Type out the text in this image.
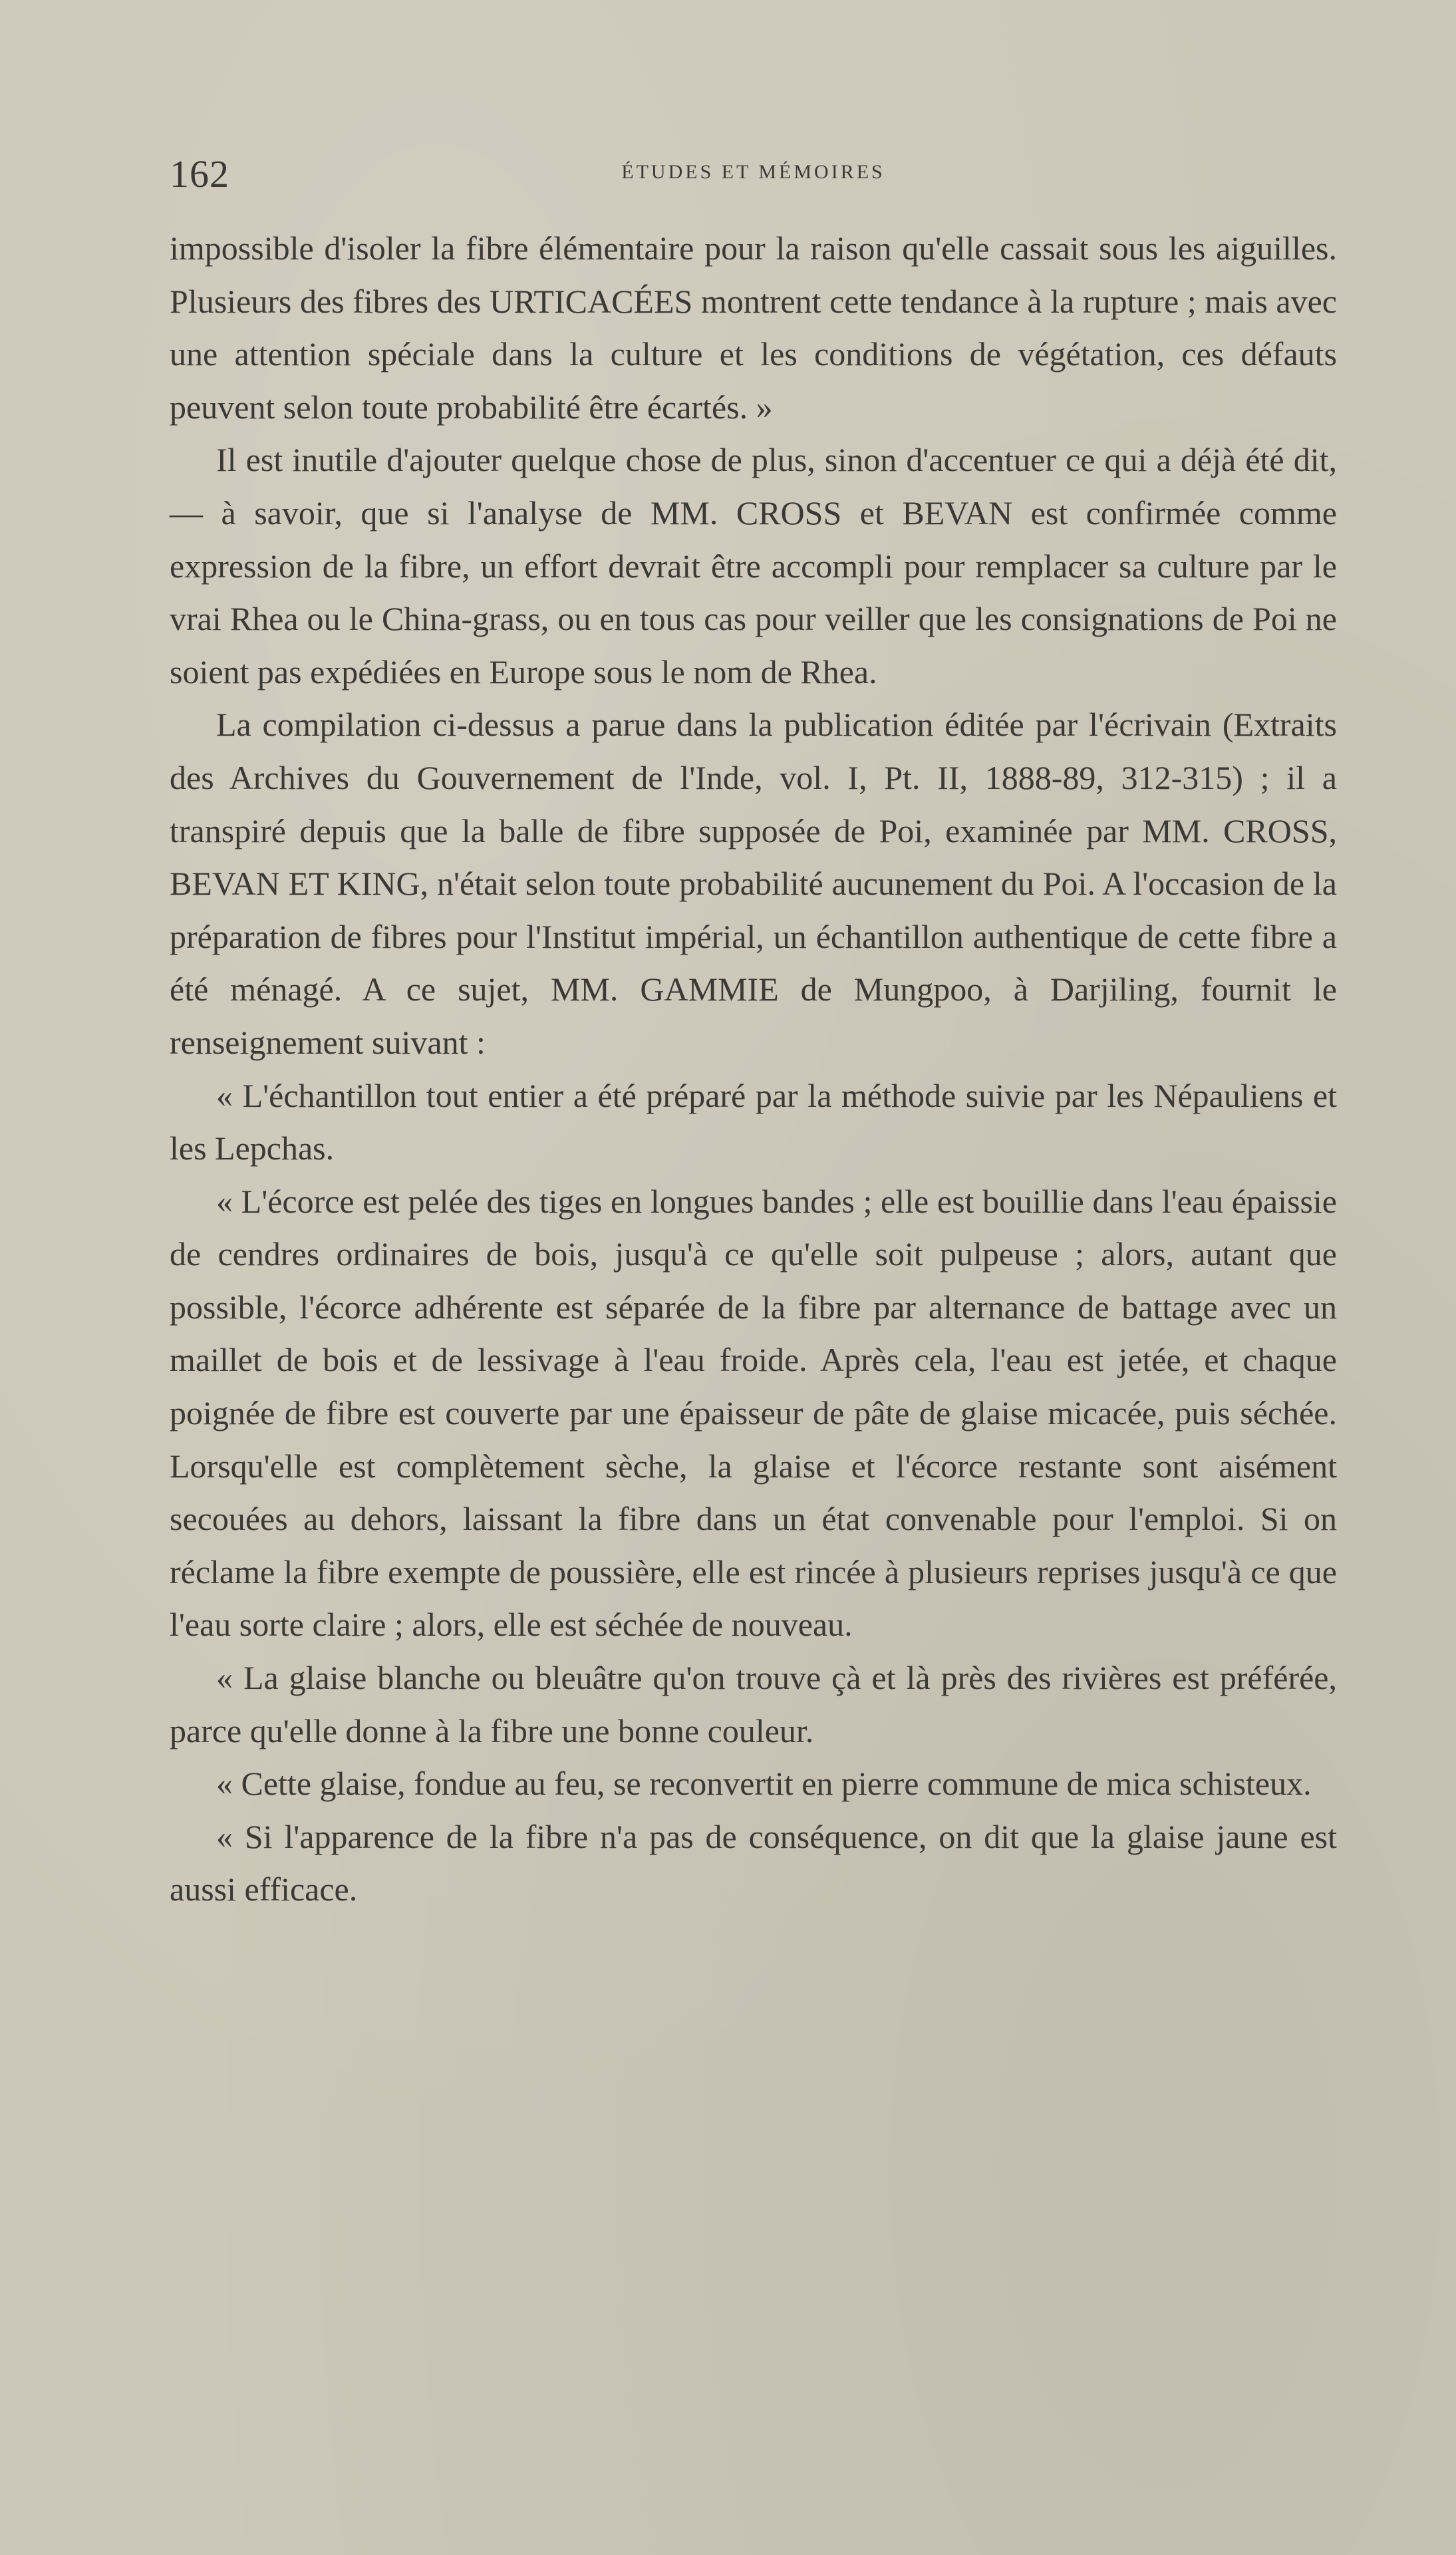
162	ÉTUDES ET MÉMOIRES

impossible d'isoler la fibre élémentaire pour la raison qu'elle cassait sous les aiguilles. Plusieurs des fibres des URTICACÉES montrent cette tendance à la rupture ; mais avec une attention spéciale dans la culture et les conditions de végétation, ces défauts peuvent selon toute probabilité être écartés. »

Il est inutile d'ajouter quelque chose de plus, sinon d'accentuer ce qui a déjà été dit, — à savoir, que si l'analyse de MM. CROSS et BEVAN est confirmée comme expression de la fibre, un effort devrait être accompli pour remplacer sa culture par le vrai Rhea ou le China-grass, ou en tous cas pour veiller que les consignations de Poi ne soient pas expédiées en Europe sous le nom de Rhea.

La compilation ci-dessus a parue dans la publication éditée par l'écrivain (Extraits des Archives du Gouvernement de l'Inde, vol. I, Pt. II, 1888-89, 312-315) ; il a transpiré depuis que la balle de fibre supposée de Poi, examinée par MM. CROSS, BEVAN ET KING, n'était selon toute probabilité aucunement du Poi. A l'occasion de la préparation de fibres pour l'Institut impérial, un échantillon authentique de cette fibre a été ménagé. A ce sujet, MM. GAMMIE de Mungpoo, à Darjiling, fournit le renseignement suivant :

« L'échantillon tout entier a été préparé par la méthode suivie par les Népauliens et les Lepchas.

« L'écorce est pelée des tiges en longues bandes ; elle est bouillie dans l'eau épaissie de cendres ordinaires de bois, jusqu'à ce qu'elle soit pulpeuse ; alors, autant que possible, l'écorce adhérente est séparée de la fibre par alternance de battage avec un maillet de bois et de lessivage à l'eau froide. Après cela, l'eau est jetée, et chaque poignée de fibre est couverte par une épaisseur de pâte de glaise micacée, puis séchée. Lorsqu'elle est complètement sèche, la glaise et l'écorce restante sont aisément secouées au dehors, laissant la fibre dans un état convenable pour l'emploi. Si on réclame la fibre exempte de poussière, elle est rincée à plusieurs reprises jusqu'à ce que l'eau sorte claire ; alors, elle est séchée de nouveau.

« La glaise blanche ou bleuâtre qu'on trouve çà et là près des rivières est préférée, parce qu'elle donne à la fibre une bonne couleur.

« Cette glaise, fondue au feu, se reconvertit en pierre commune de mica schisteux.

« Si l'apparence de la fibre n'a pas de conséquence, on dit que la glaise jaune est aussi efficace.
